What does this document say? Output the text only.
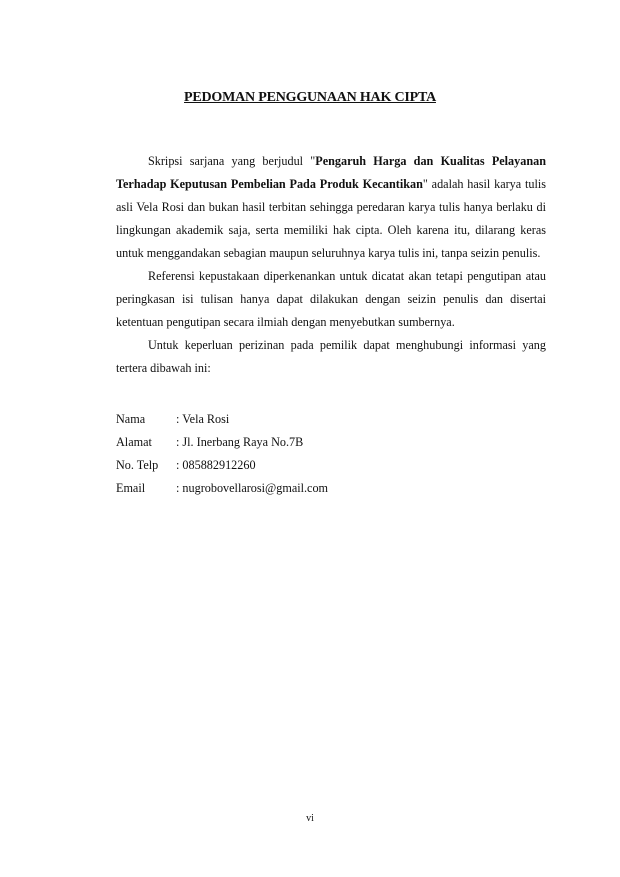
PEDOMAN PENGGUNAAN HAK CIPTA

Skripsi sarjana yang berjudul "Pengaruh Harga dan Kualitas Pelayanan Terhadap Keputusan Pembelian Pada Produk Kecantikan" adalah hasil karya tulis asli Vela Rosi dan bukan hasil terbitan sehingga peredaran karya tulis hanya berlaku di lingkungan akademik saja, serta memiliki hak cipta. Oleh karena itu, dilarang keras untuk menggandakan sebagian maupun seluruhnya karya tulis ini, tanpa seizin penulis.

Referensi kepustakaan diperkenankan untuk dicatat akan tetapi pengutipan atau peringkasan isi tulisan hanya dapat dilakukan dengan seizin penulis dan disertai ketentuan pengutipan secara ilmiah dengan menyebutkan sumbernya.

Untuk keperluan perizinan pada pemilik dapat menghubungi informasi yang tertera dibawah ini:

Nama	: Vela Rosi
Alamat	: Jl. Inerbang Raya No.7B
No. Telp	: 085882912260
Email	: nugrobovellarosi@gmail.com
vi
